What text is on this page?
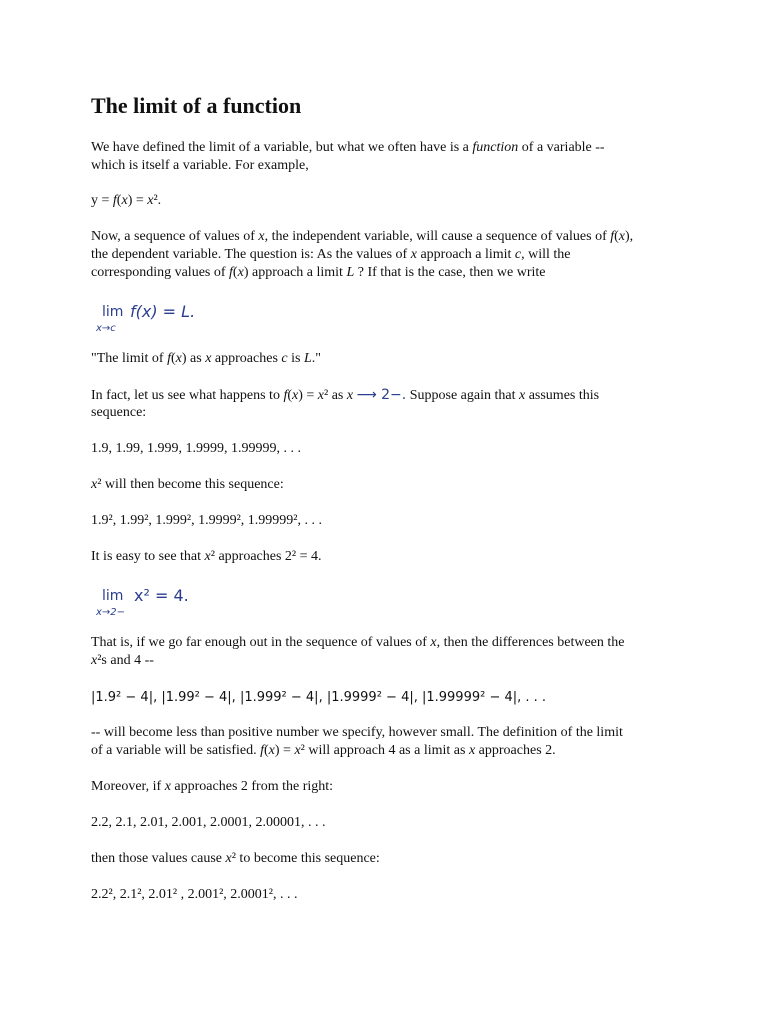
The limit of a function
We have defined the limit of a variable, but what we often have is a function of a variable --
which is itself a variable. For example,
y = f(x) = x².
Now, a sequence of values of x, the independent variable, will cause a sequence of values of f(x),
the dependent variable. The question is: As the values of x approach a limit c, will the
corresponding values of f(x) approach a limit L ? If that is the case, then we write
lim
x→c
f(x) = L.
"The limit of f(x) as x approaches c is L."
In fact, let us see what happens to f(x) = x² as x ⟶ 2−. Suppose again that x assumes this
sequence:
1.9, 1.99, 1.999, 1.9999, 1.99999, . . .
x² will then become this sequence:
1.9², 1.99², 1.999², 1.9999², 1.99999², . . .
It is easy to see that x² approaches 2² = 4.
lim
x→2−
x² = 4.
That is, if we go far enough out in the sequence of values of x, then the differences between the
x²s and 4 --
|1.9² − 4|, |1.99² − 4|, |1.999² − 4|, |1.9999² − 4|, |1.99999² − 4|, . . .
-- will become less than positive number we specify, however small. The definition of the limit
of a variable will be satisfied. f(x) = x² will approach 4 as a limit as x approaches 2.
Moreover, if x approaches 2 from the right:
2.2, 2.1, 2.01, 2.001, 2.0001, 2.00001, . . .
then those values cause x² to become this sequence:
2.2², 2.1², 2.01² , 2.001², 2.0001², . . .
